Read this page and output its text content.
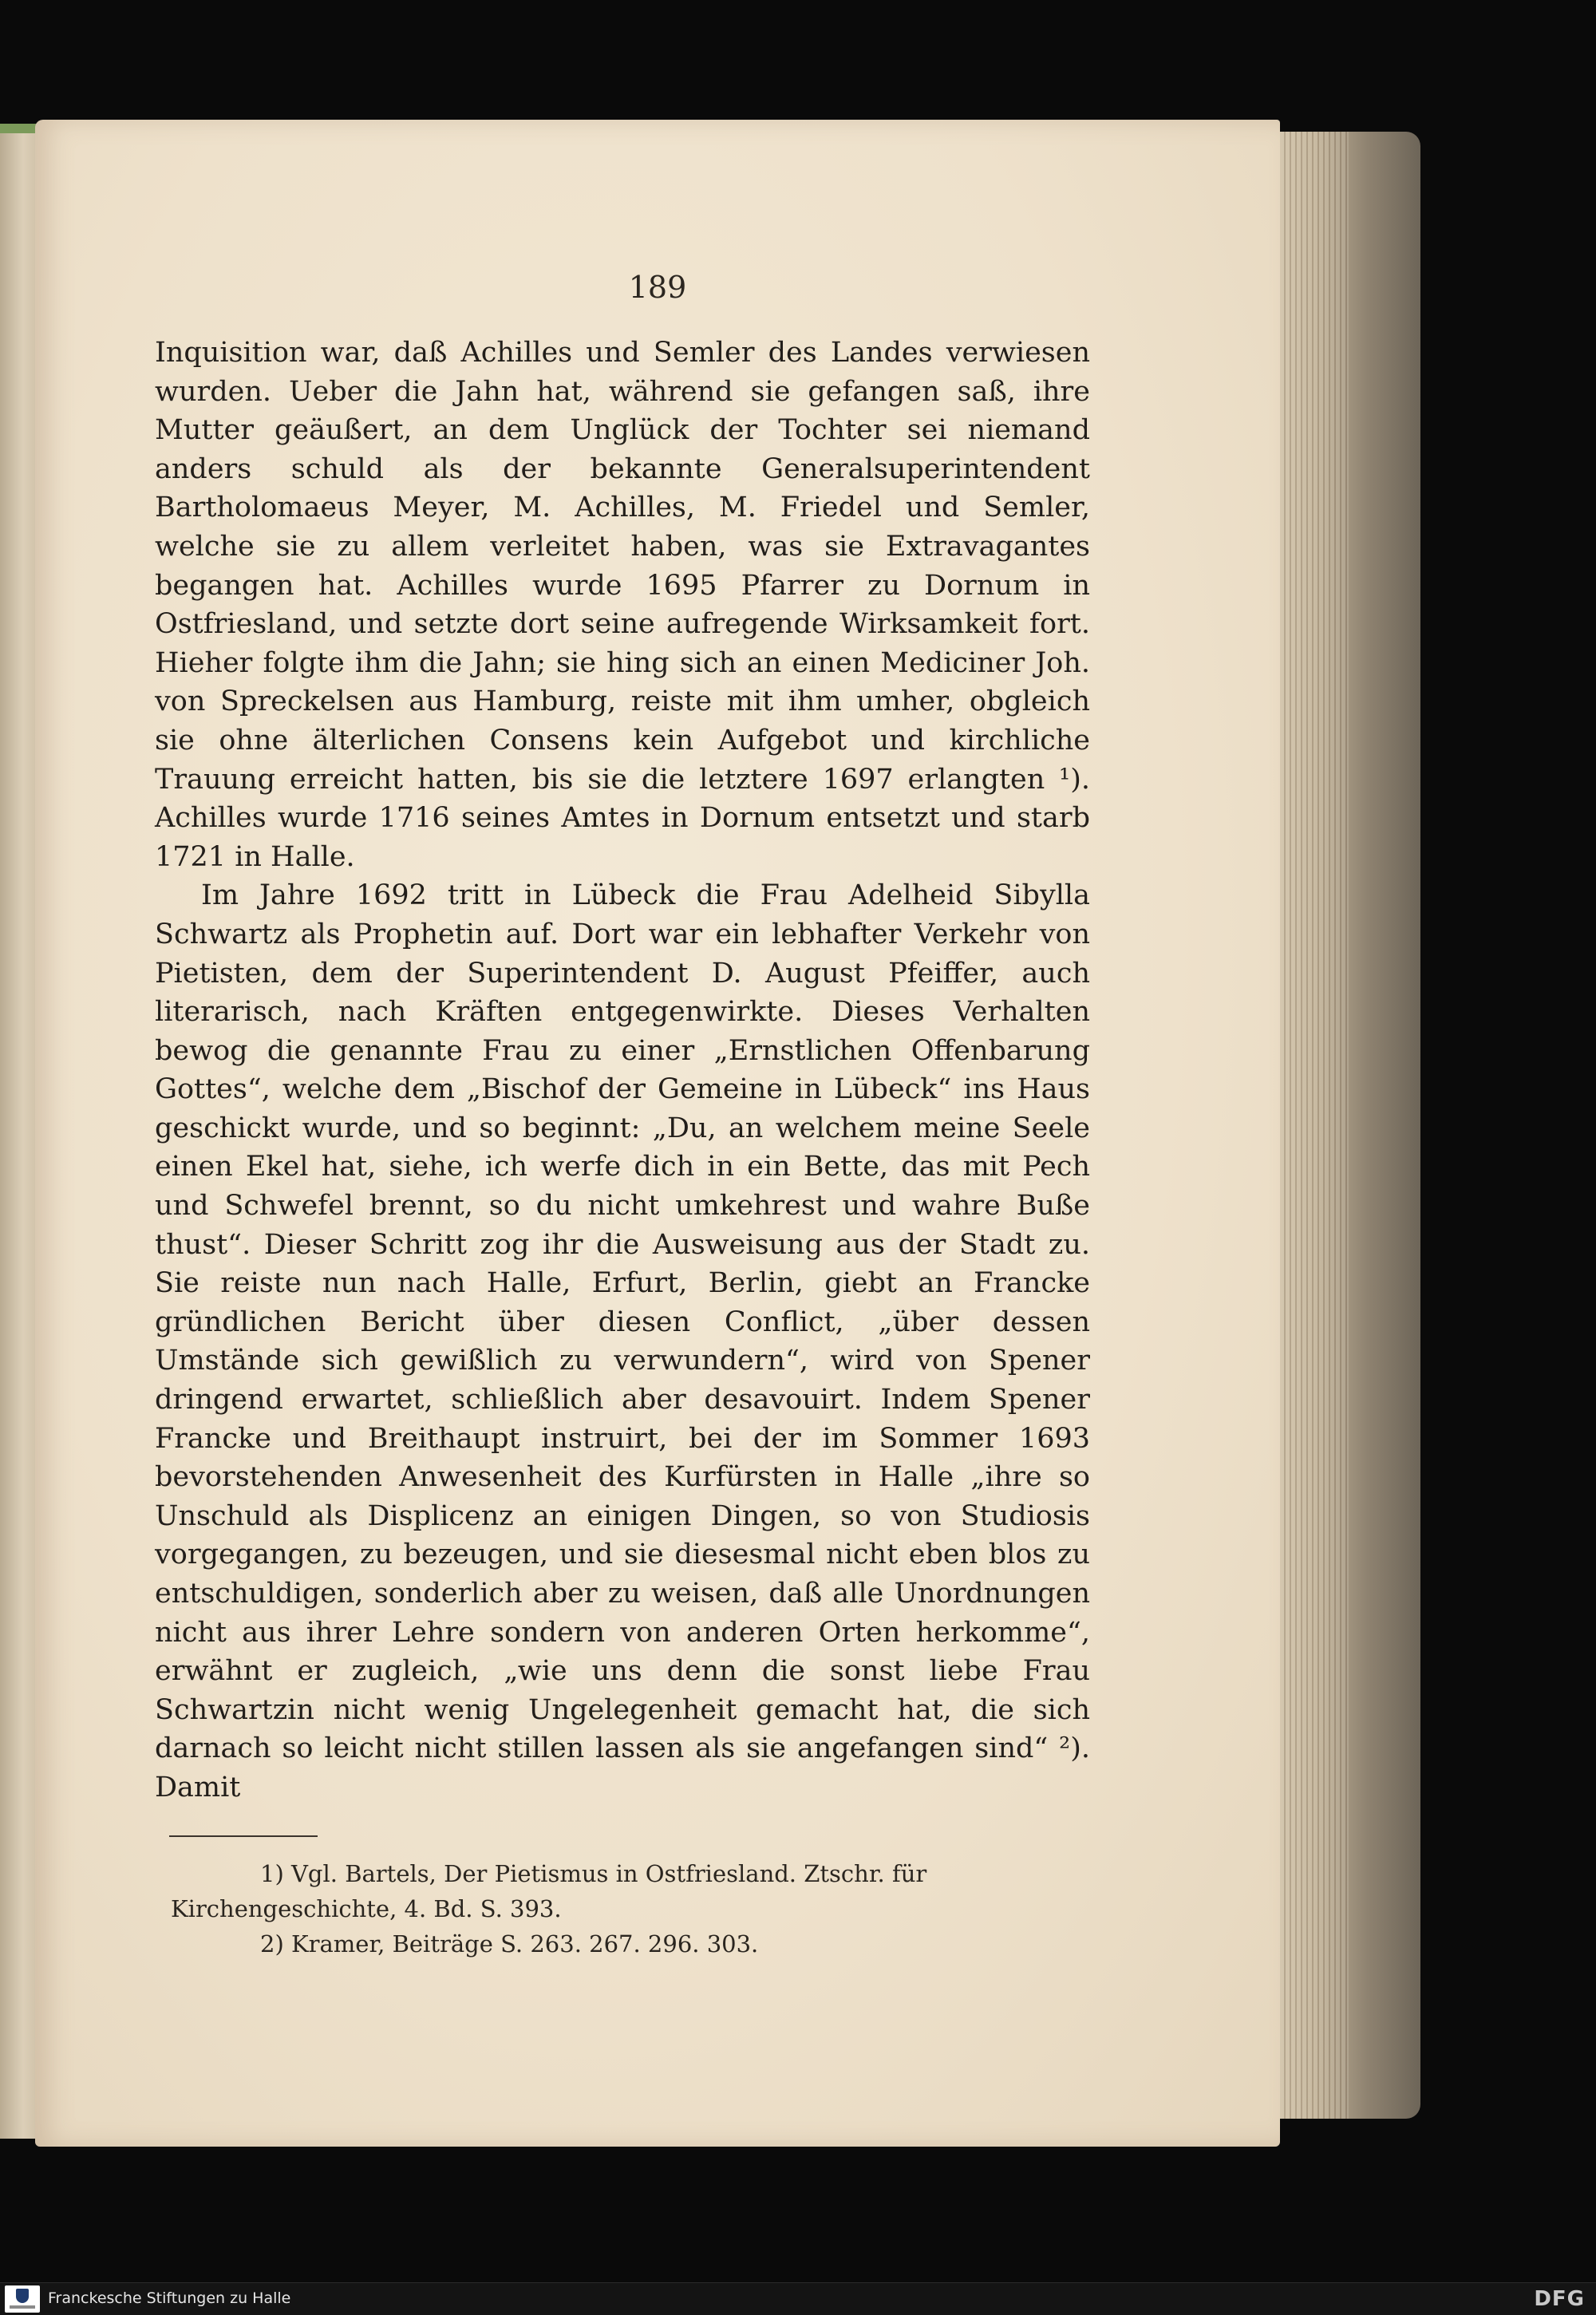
189

Inquisition war, daß Achilles und Semler des Landes verwiesen wurden. Ueber die Jahn hat, während sie gefangen saß, ihre Mutter geäußert, an dem Unglück der Tochter sei niemand anders schuld als der bekannte Generalsuperintendent Bartholomaeus Meyer, M. Achilles, M. Friedel und Semler, welche sie zu allem verleitet haben, was sie Extravagantes begangen hat. Achilles wurde 1695 Pfarrer zu Dornum in Ostfriesland, und setzte dort seine aufregende Wirksamkeit fort. Hieher folgte ihm die Jahn; sie hing sich an einen Mediciner Joh. von Spreckelsen aus Hamburg, reiste mit ihm umher, obgleich sie ohne älterlichen Consens kein Aufgebot und kirchliche Trauung erreicht hatten, bis sie die letztere 1697 erlangten ¹). Achilles wurde 1716 seines Amtes in Dornum entsetzt und starb 1721 in Halle.

Im Jahre 1692 tritt in Lübeck die Frau Adelheid Sibylla Schwartz als Prophetin auf. Dort war ein lebhafter Verkehr von Pietisten, dem der Superintendent D. August Pfeiffer, auch literarisch, nach Kräften entgegenwirkte. Dieses Verhalten bewog die genannte Frau zu einer „Ernstlichen Offenbarung Gottes“, welche dem „Bischof der Gemeine in Lübeck“ ins Haus geschickt wurde, und so beginnt: „Du, an welchem meine Seele einen Ekel hat, siehe, ich werfe dich in ein Bette, das mit Pech und Schwefel brennt, so du nicht umkehrest und wahre Buße thust“. Dieser Schritt zog ihr die Ausweisung aus der Stadt zu. Sie reiste nun nach Halle, Erfurt, Berlin, giebt an Francke gründlichen Bericht über diesen Conflict, „über dessen Umstände sich gewißlich zu verwundern“, wird von Spener dringend erwartet, schließlich aber desavouirt. Indem Spener Francke und Breithaupt instruirt, bei der im Sommer 1693 bevorstehenden Anwesenheit des Kurfürsten in Halle „ihre so Unschuld als Displicenz an einigen Dingen, so von Studiosis vorgegangen, zu bezeugen, und sie diesesmal nicht eben blos zu entschuldigen, sonderlich aber zu weisen, daß alle Unordnungen nicht aus ihrer Lehre sondern von anderen Orten herkomme“, erwähnt er zugleich, „wie uns denn die sonst liebe Frau Schwartzin nicht wenig Ungelegenheit gemacht hat, die sich darnach so leicht nicht stillen lassen als sie angefangen sind“ ²). Damit

1) Vgl. Bartels, Der Pietismus in Ostfriesland. Ztschr. für Kirchengeschichte, 4. Bd. S. 393.

2) Kramer, Beiträge S. 263. 267. 296. 303.

Franckesche Stiftungen zu Halle	DFG
